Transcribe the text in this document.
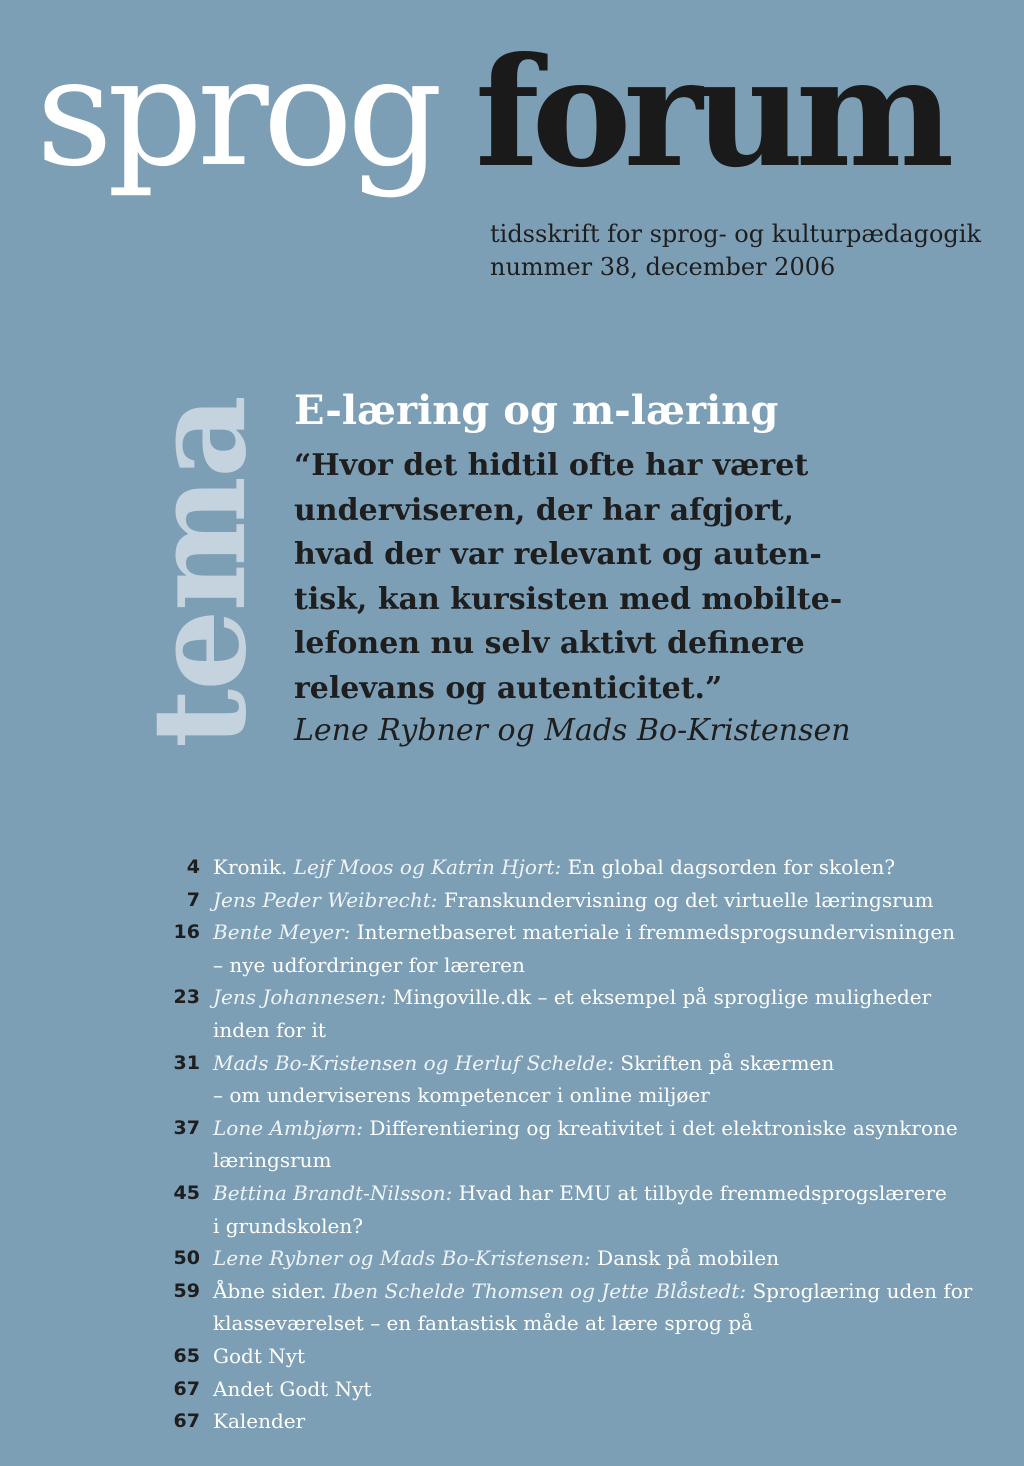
sprog forum
tidsskrift for sprog- og kulturpædagogik
nummer 38, december 2006
tema E-læring og m-læring
“Hvor det hidtil ofte har været
underviseren, der har afgjort,
hvad der var relevant og auten-
tisk, kan kursisten med mobilte-
lefonen nu selv aktivt definere
relevans og autenticitet.”
Lene Rybner og Mads Bo-Kristensen
4 Kronik. Lejf Moos og Katrin Hjort: En global dagsorden for skolen?
7 Jens Peder Weibrecht: Franskundervisning og det virtuelle læringsrum
16 Bente Meyer: Internetbaseret materiale i fremmedsprogsundervisningen
– nye udfordringer for læreren
23 Jens Johannesen: Mingoville.dk – et eksempel på sproglige muligheder
inden for it
31 Mads Bo-Kristensen og Herluf Schelde: Skriften på skærmen
– om underviserens kompetencer i online miljøer
37 Lone Ambjørn: Differentiering og kreativitet i det elektroniske asynkrone
læringsrum
45 Bettina Brandt-Nilsson: Hvad har EMU at tilbyde fremmedsprogslærere
i grundskolen?
50 Lene Rybner og Mads Bo-Kristensen: Dansk på mobilen
59 Åbne sider. Iben Schelde Thomsen og Jette Blåstedt: Sproglæring uden for
klasseværelset – en fantastisk måde at lære sprog på
65 Godt Nyt
67 Andet Godt Nyt
67 Kalender
